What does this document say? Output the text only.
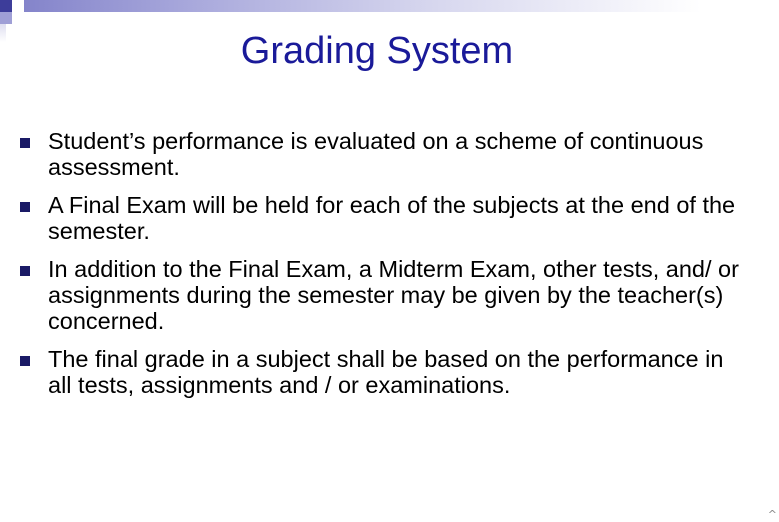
Grading System
Student’s performance is evaluated on a scheme of continuous assessment.
A Final Exam will be held for each of the subjects at the end of the semester.
In addition to the Final Exam, a Midterm Exam, other tests, and/ or assignments during the semester may be given by the teacher(s) concerned.
The final grade in a subject shall be based on the performance in all tests, assignments and / or examinations.
^
